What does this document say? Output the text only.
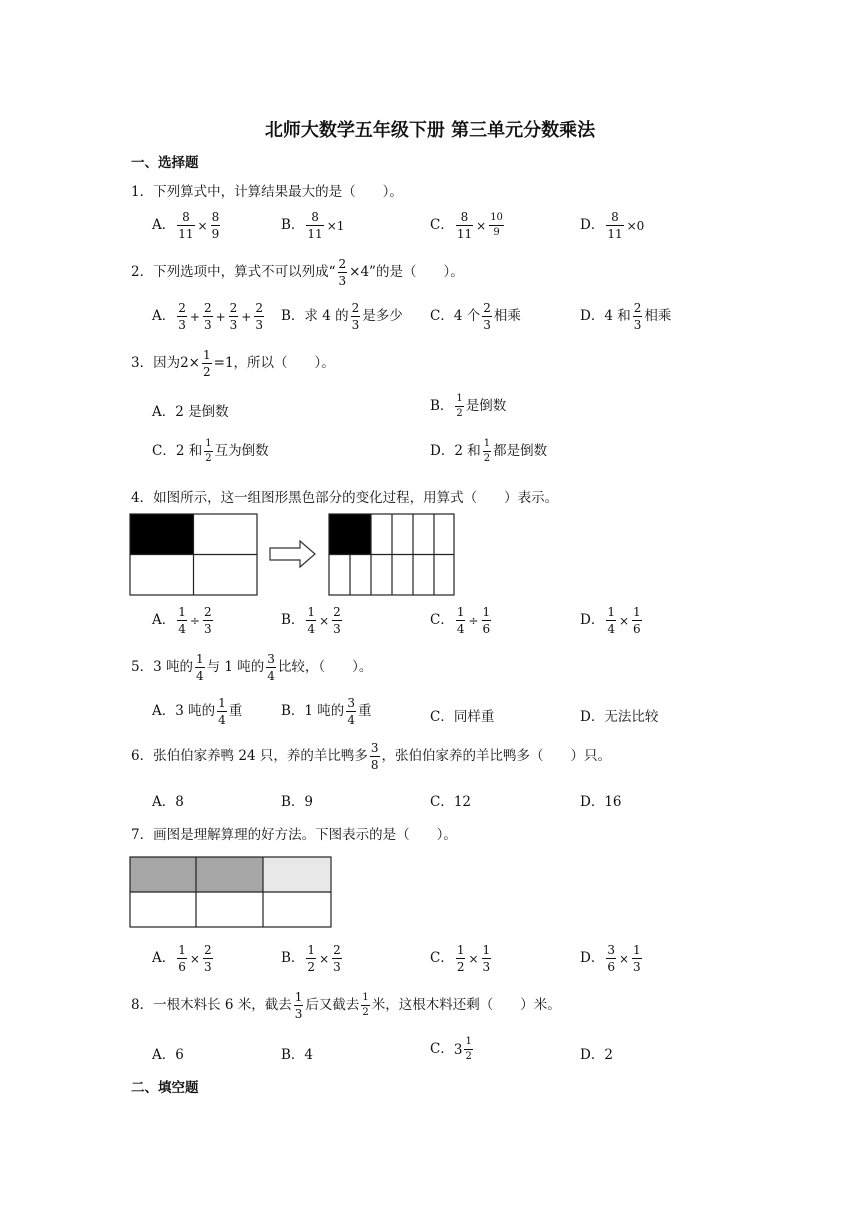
北师大数学五年级下册 第三单元分数乘法
一、选择题
1．下列算式中，计算结果最大的是（　　）。
A． $\frac{8}{11} \times \frac{8}{9}$	B． $\frac{8}{11} \times 1$	C． $\frac{8}{11} \times \frac{10}{9}$	D． $\frac{8}{11} \times 0$
2．下列选项中，算式不可以列成“ $\frac{2}{3} \times 4$”的是（　　）。
A． $\frac{2}{3} + \frac{2}{3} + \frac{2}{3} + \frac{2}{3}$ B．求 4 的 $\frac{2}{3}$ 是多少 C．4 个 $\frac{2}{3}$ 相乘	D．4 和 $\frac{2}{3}$ 相乘
3．因为$2\times \frac{1}{2} =1$，所以（　　）。
A．2 是倒数	B． $\frac{1}{2}$ 是倒数
C．2 和 $\frac{1}{2}$ 互为倒数	D．2 和 $\frac{1}{2}$ 都是倒数
4．如图所示，这一组图形黑色部分的变化过程，用算式（　　）表示。
A． $\frac{1}{4} \div \frac{2}{3}$	B． $\frac{1}{4} \times \frac{2}{3}$	C． $\frac{1}{4} \div \frac{1}{6}$	D． $\frac{1}{4} \times \frac{1}{6}$
5．3 吨的 $\frac{1}{4}$ 与 1 吨的 $\frac{3}{4}$ 比较，（　　）。
A．3 吨的 $\frac{1}{4}$ 重	B．1 吨的 $\frac{3}{4}$ 重	C．同样重	D．无法比较
6．张伯伯家养鸭 24 只，养的羊比鸭多 $\frac{3}{8}$ ，张伯伯家养的羊比鸭多（　　）只。
A．8	B．9	C．12	D．16
7．画图是理解算理的好方法。下图表示的是（　　）。
A． $\frac{1}{6} \times \frac{2}{3}$	B． $\frac{1}{2} \times \frac{2}{3}$	C． $\frac{1}{2} \times \frac{1}{3}$	D． $\frac{3}{6} \times \frac{1}{3}$
8．一根木料长 6 米，截去 $\frac{1}{3}$ 后又截去 $\frac{1}{2}$ 米，这根木料还剩（　　）米。
A．6	B．4	C．$3 \frac{1}{2}$	D．2
二、填空题
